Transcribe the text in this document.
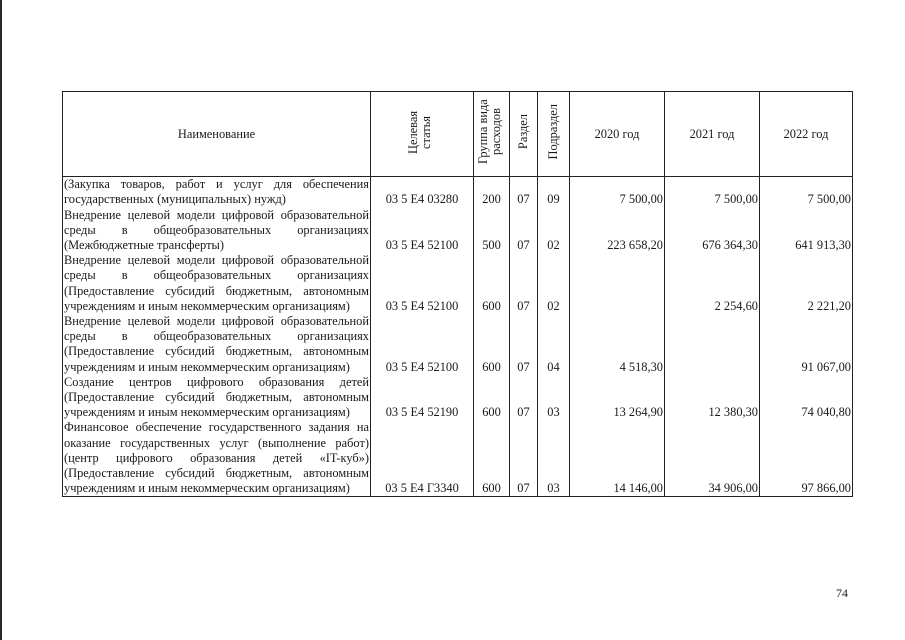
Наименование	Целевая статья	Группа вида расходов	Раздел	Подраздел	2020 год	2021 год	2022 год
(Закупка товаров, работ и услуг для обеспечения государственных (муниципальных) нужд)	03 5 E4 03280	200	07	09	7 500,00	7 500,00	7 500,00
Внедрение целевой модели цифровой образовательной среды в общеобразовательных организациях (Межбюджетные трансферты)	03 5 E4 52100	500	07	02	223 658,20	676 364,30	641 913,30
Внедрение целевой модели цифровой образовательной среды в общеобразовательных организациях (Предоставление субсидий бюджетным, автономным учреждениям и иным некоммерческим организациям)	03 5 E4 52100	600	07	02		2 254,60	2 221,20
Внедрение целевой модели цифровой образовательной среды в общеобразовательных организациях (Предоставление субсидий бюджетным, автономным учреждениям и иным некоммерческим организациям)	03 5 E4 52100	600	07	04	4 518,30		91 067,00
Создание центров цифрового образования детей (Предоставление субсидий бюджетным, автономным учреждениям и иным некоммерческим организациям)	03 5 E4 52190	600	07	03	13 264,90	12 380,30	74 040,80
Финансовое обеспечение государственного задания на оказание государственных услуг (выполнение работ) (центр цифрового образования детей «IT-куб») (Предоставление субсидий бюджетным, автономным учреждениям и иным некоммерческим организациям)	03 5 E4 Г3340	600	07	03	14 146,00	34 906,00	97 866,00
74
